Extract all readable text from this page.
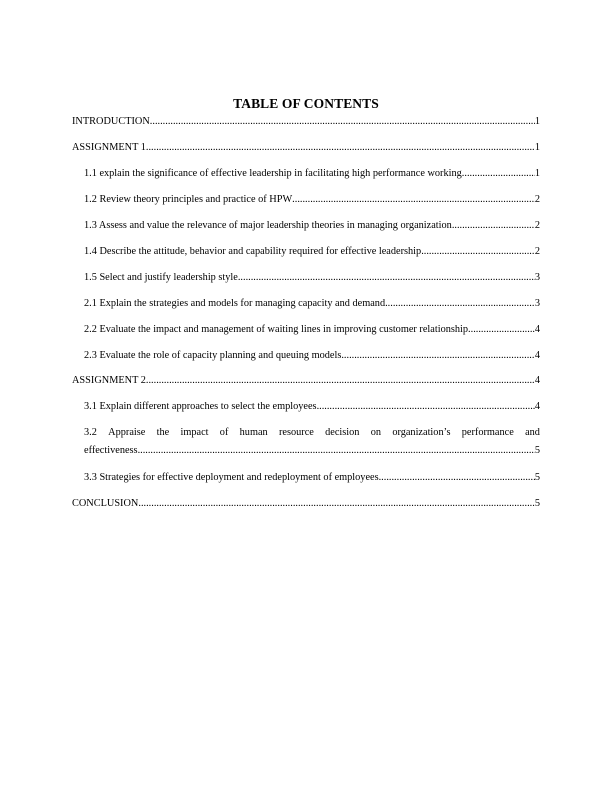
TABLE OF CONTENTS
INTRODUCTION .....	1
ASSIGNMENT 1 .....	1
1.1 explain the significance of effective leadership in facilitating high performance working .....	1
1.2 Review theory principles and practice of HPW .....	2
1.3 Assess and value the relevance of major leadership theories in managing organization .....	2
1.4 Describe the attitude, behavior and capability required for effective leadership .....	2
1.5 Select and justify leadership style .....	3
2.1 Explain the strategies and models for managing capacity and demand .....	3
2.2 Evaluate the impact and management of waiting lines in improving customer relationship .....	4
2.3 Evaluate the role of capacity planning and queuing models .....	4
ASSIGNMENT 2 .....	4
3.1 Explain different approaches to select the employees .....	4
3.2 Appraise the impact of human resource decision on organization’s performance and
effectiveness .....	5
3.3 Strategies for effective deployment and redeployment of employees .....	5
CONCLUSION .....	5
